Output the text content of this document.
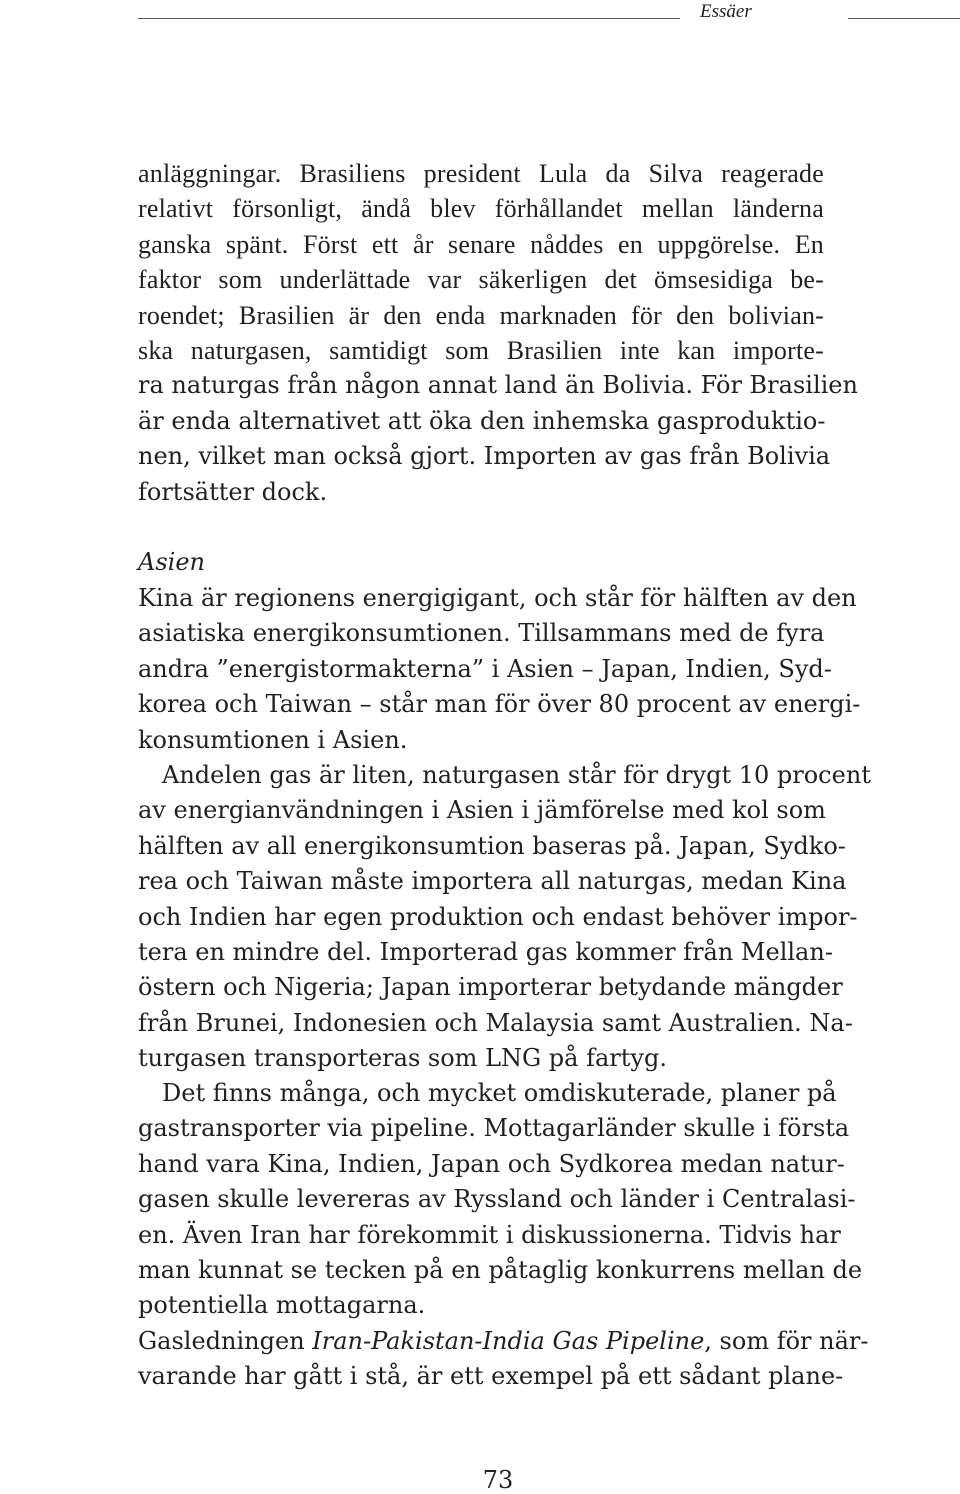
Essäer
anläggningar. Brasiliens president Lula da Silva reagerade
relativt försonligt, ändå blev förhållandet mellan länderna
ganska spänt. Först ett år senare nåddes en uppgörelse. En
faktor som underlättade var säkerligen det ömsesidiga be-
roendet; Brasilien är den enda marknaden för den bolivian-
ska naturgasen, samtidigt som Brasilien inte kan importe-
ra naturgas från någon annat land än Bolivia. För Brasilien
är enda alternativet att öka den inhemska gasproduktio-
nen, vilket man också gjort. Importen av gas från Bolivia
fortsätter dock.
Asien
Kina är regionens energigigant, och står för hälften av den
asiatiska energikonsumtionen. Tillsammans med de fyra
andra ”energistormakterna” i Asien – Japan, Indien, Syd-
korea och Taiwan – står man för över 80 procent av energi-
konsumtionen i Asien.
Andelen gas är liten, naturgasen står för drygt 10 procent
av energianvändningen i Asien i jämförelse med kol som
hälften av all energikonsumtion baseras på. Japan, Sydko-
rea och Taiwan måste importera all naturgas, medan Kina
och Indien har egen produktion och endast behöver impor-
tera en mindre del. Importerad gas kommer från Mellan-
östern och Nigeria; Japan importerar betydande mängder
från Brunei, Indonesien och Malaysia samt Australien. Na-
turgasen transporteras som LNG på fartyg.
Det finns många, och mycket omdiskuterade, planer på
gastransporter via pipeline. Mottagarländer skulle i första
hand vara Kina, Indien, Japan och Sydkorea medan natur-
gasen skulle levereras av Ryssland och länder i Centralasi-
en. Även Iran har förekommit i diskussionerna. Tidvis har
man kunnat se tecken på en påtaglig konkurrens mellan de
potentiella mottagarna.
Gasledningen Iran-Pakistan-India Gas Pipeline, som för när-
varande har gått i stå, är ett exempel på ett sådant plane-
73
